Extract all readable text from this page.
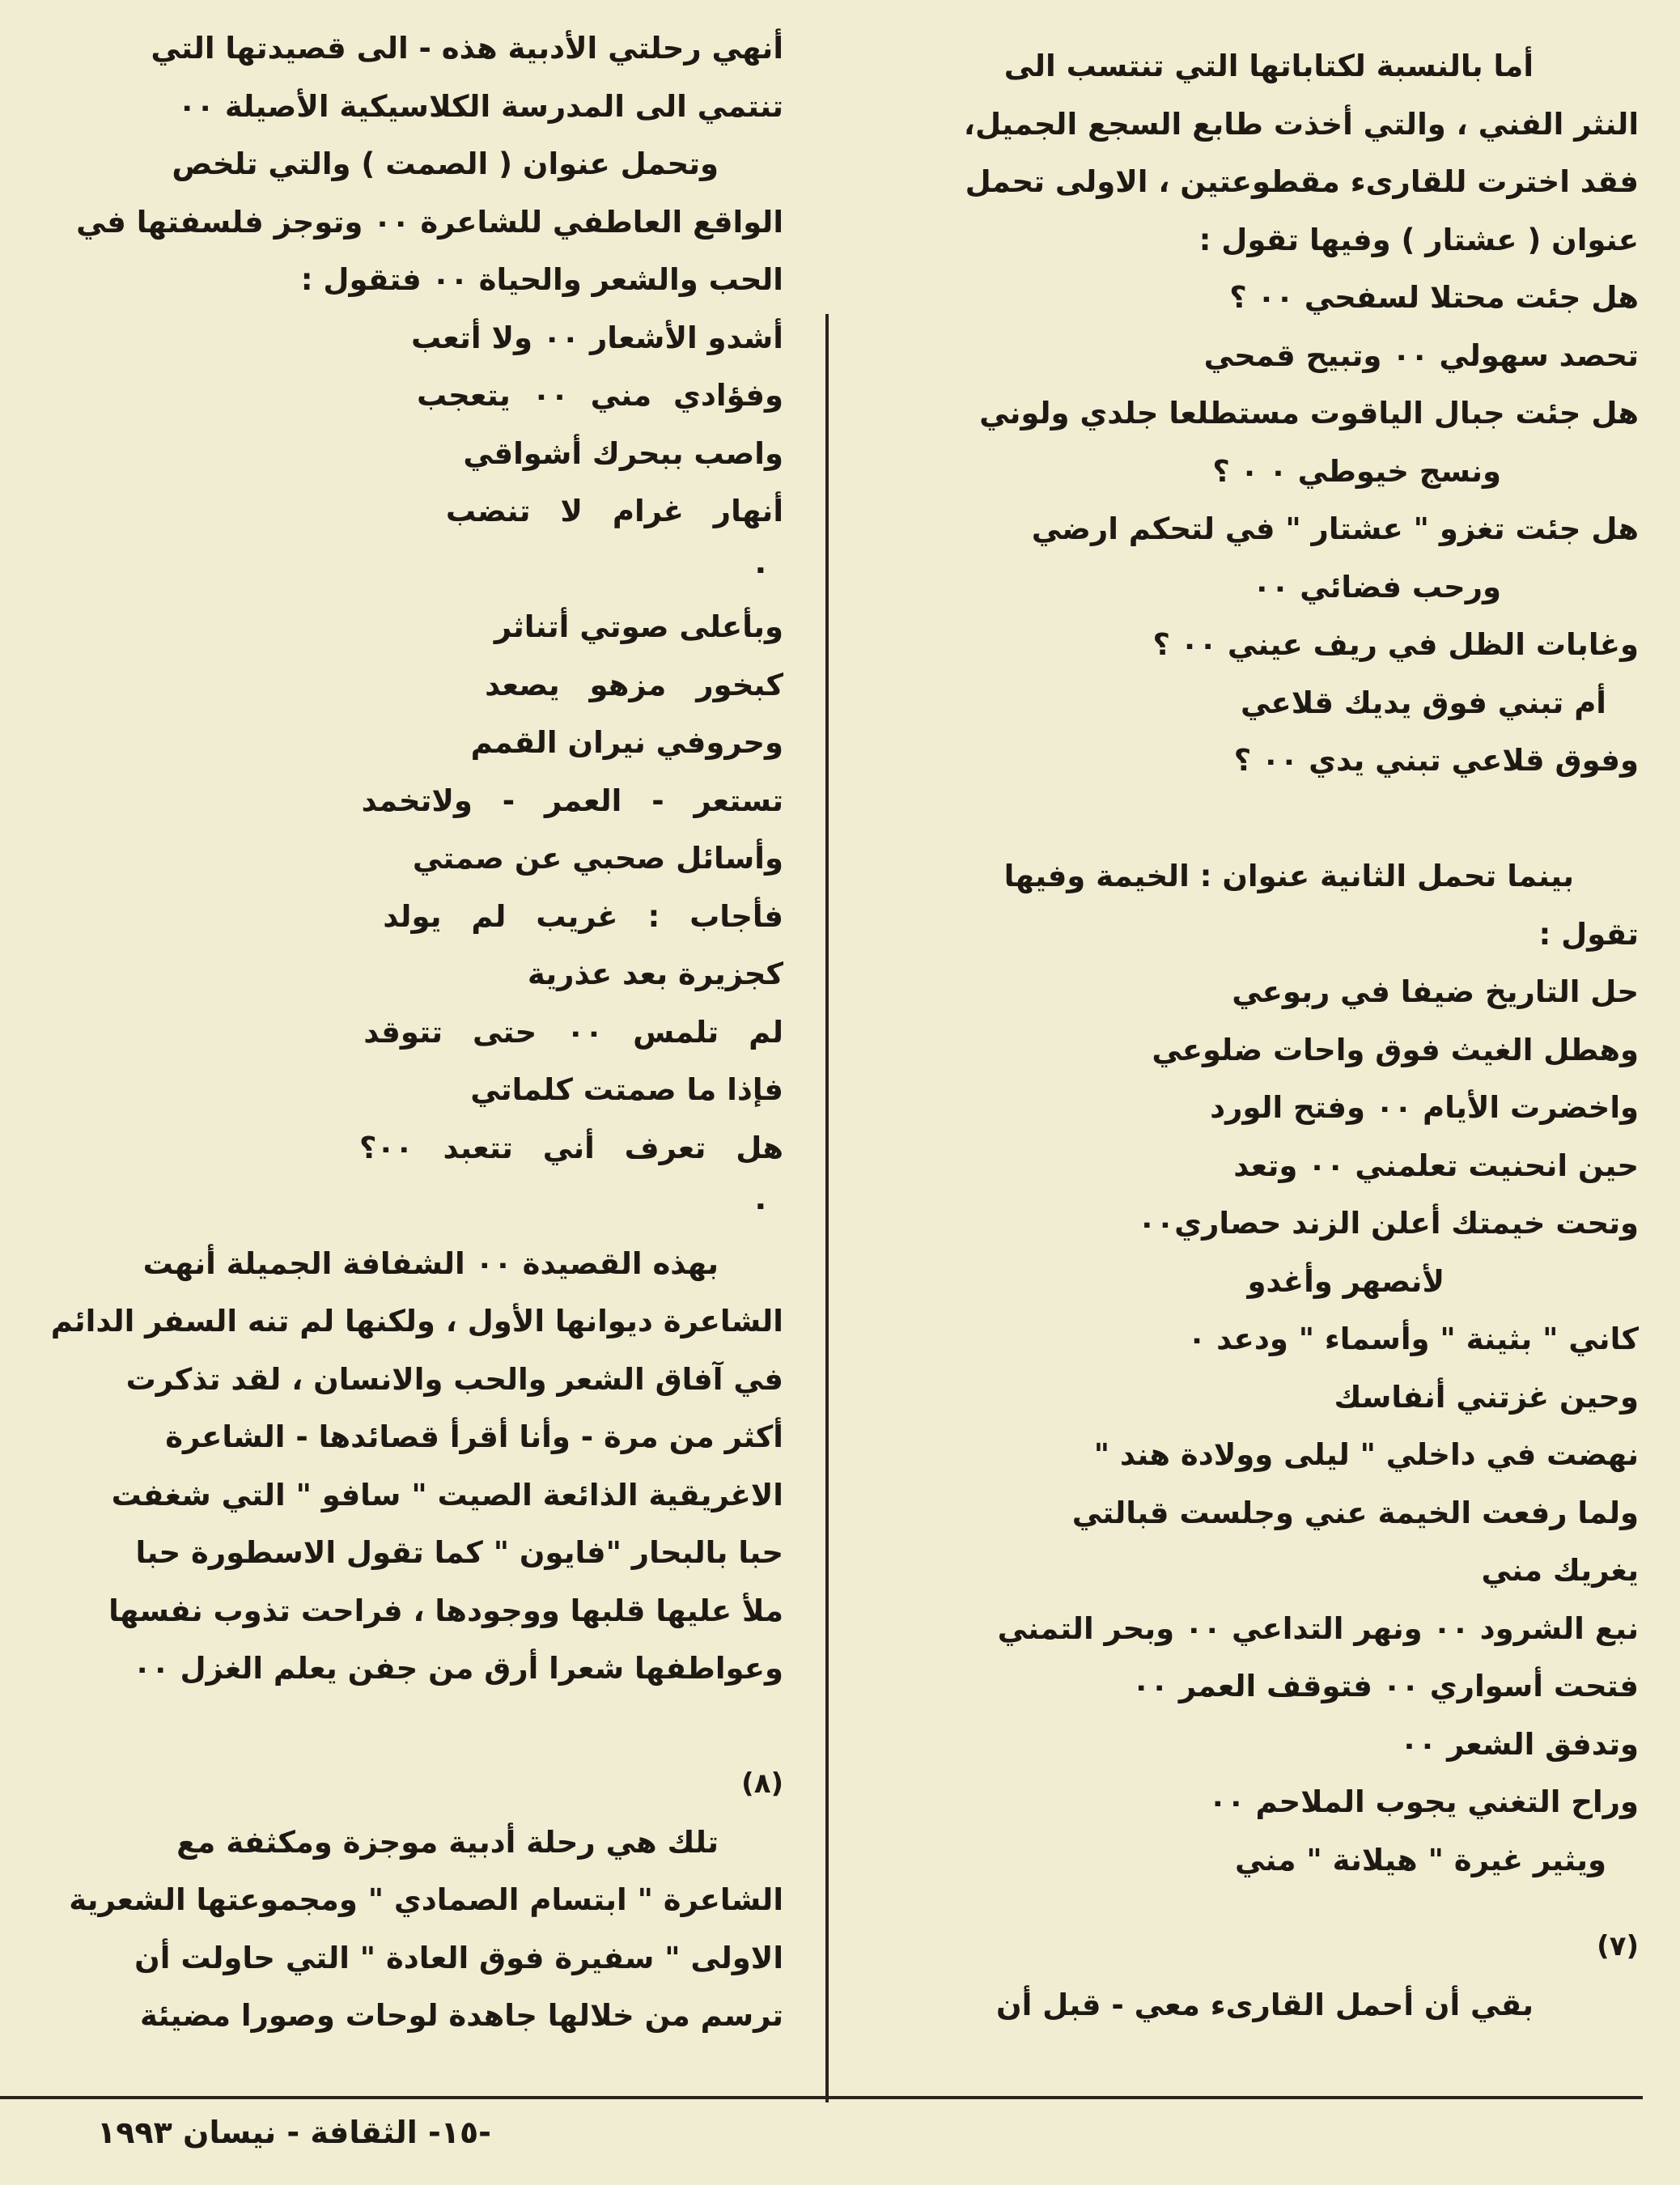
أما بالنسبة لكتاباتها التي تنتسب الى
النثر الفني ، والتي أخذت طابع السجع الجميل،
فقد اخترت للقارىء مقطوعتين ، الاولى تحمل
عنوان ( عشتار ) وفيها تقول :
هل جئت محتلا لسفحي ٠٠ ؟
تحصد سهولي ٠٠ وتبيح قمحي
هل جئت جبال الياقوت مستطلعا جلدي ولوني
ونسج خيوطي ٠ ٠ ؟
هل جئت تغزو " عشتار " في لتحكم ارضي
ورحب فضائي ٠٠
وغابات الظل في ريف عيني ٠٠ ؟
أم تبني فوق يديك قلاعي
وفوق قلاعي تبني يدي ٠٠ ؟
بينما تحمل الثانية عنوان : الخيمة وفيها
تقول :
حل التاريخ ضيفا في ربوعي
وهطل الغيث فوق واحات ضلوعي
واخضرت الأيام ٠٠ وفتح الورد
حين انحنيت تعلمني ٠٠ وتعد
وتحت خيمتك أعلن الزند حصاري٠٠
لأنصهر وأغدو
كاني " بثينة " وأسماء " ودعد ٠
وحين غزتني أنفاسك
نهضت في داخلي " ليلى وولادة هند "
ولما رفعت الخيمة عني وجلست قبالتي
يغريك مني
نبع الشرود ٠٠ ونهر التداعي ٠٠ وبحر التمني
فتحت أسواري ٠٠ فتوقف العمر ٠٠
وتدفق الشعر ٠٠
وراح التغني يجوب الملاحم ٠٠
ويثير غيرة " هيلانة " مني
(٧)
بقي أن أحمل القارىء معي - قبل أن
أنهي رحلتي الأدبية هذه - الى قصيدتها التي
تنتمي الى المدرسة الكلاسيكية الأصيلة ٠٠
وتحمل عنوان ( الصمت ) والتي تلخص
الواقع العاطفي للشاعرة ٠٠ وتوجز فلسفتها في
الحب والشعر والحياة ٠٠ فتقول :
أشدو الأشعار ٠٠ ولا أتعب
وفؤادي مني ٠٠ يتعجب
واصب ببحرك أشواقي
أنهار غرام لا تنضب
٠
وبأعلى صوتي أتناثر
كبخور مزهو يصعد
وحروفي نيران القمم
تستعر - العمر - ولاتخمد
وأسائل صحبي عن صمتي
فأجاب : غريب لم يولد
كجزيرة بعد عذرية
لم تلمس ٠٠ حتى تتوقد
فإذا ما صمتت كلماتي
هل تعرف أني تتعبد ٠٠؟
٠
بهذه القصيدة ٠٠ الشفافة الجميلة أنهت
الشاعرة ديوانها الأول ، ولكنها لم تنه السفر الدائم
في آفاق الشعر والحب والانسان ، لقد تذكرت
أكثر من مرة - وأنا أقرأ قصائدها - الشاعرة
الاغريقية الذائعة الصيت " سافو " التي شغفت
حبا بالبحار "فايون " كما تقول الاسطورة حبا
ملأ عليها قلبها ووجودها ، فراحت تذوب نفسها
وعواطفها شعرا أرق من جفن يعلم الغزل ٠٠
(٨)
تلك هي رحلة أدبية موجزة ومكثفة مع
الشاعرة " ابتسام الصمادي " ومجموعتها الشعرية
الاولى " سفيرة فوق العادة " التي حاولت أن
ترسم من خلالها جاهدة لوحات وصورا مضيئة
-١٥- الثقافة - نيسان ١٩٩٣
